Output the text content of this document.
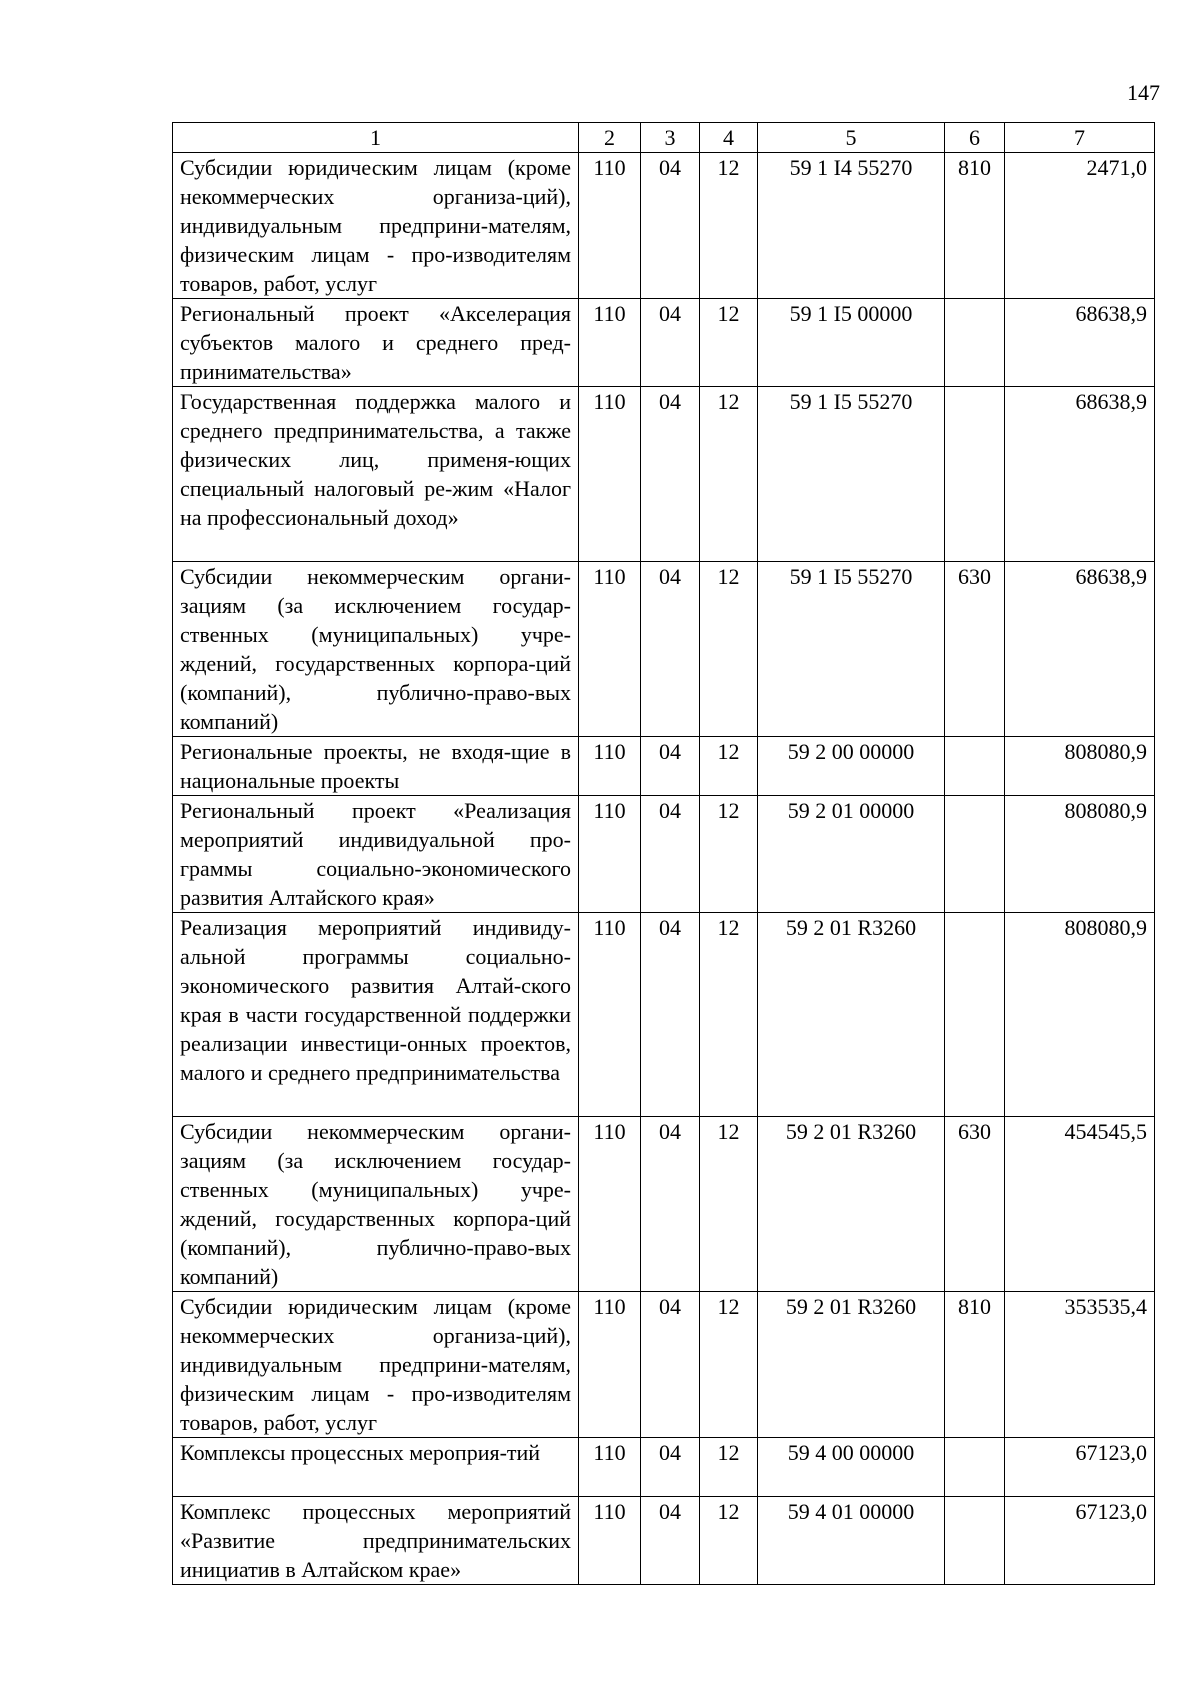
147
1	2	3	4	5	6	7
Субсидии юридическим лицам (кроме некоммерческих организа-ций), индивидуальным предприни-мателям, физическим лицам - про-изводителям товаров, работ, услуг	110	04	12	59 1 I4 55270	810	2471,0
Региональный проект «Акселерация субъектов малого и среднего пред-принимательства»	110	04	12	59 1 I5 00000		68638,9
Государственная поддержка малого и среднего предпринимательства, а также физических лиц, применя-ющих специальный налоговый ре-жим «Налог на профессиональный доход»	110	04	12	59 1 I5 55270		68638,9
Субсидии некоммерческим органи-зациям (за исключением государ-ственных (муниципальных) учре-ждений, государственных корпора-ций (компаний), публично-право-вых компаний)	110	04	12	59 1 I5 55270	630	68638,9
Региональные проекты, не входя-щие в национальные проекты	110	04	12	59 2 00 00000		808080,9
Региональный проект «Реализация мероприятий индивидуальной про-граммы социально-экономического развития Алтайского края»	110	04	12	59 2 01 00000		808080,9
Реализация мероприятий индивиду-альной программы социально-экономического развития Алтай-ского края в части государственной поддержки реализации инвестици-онных проектов, малого и среднего предпринимательства	110	04	12	59 2 01 R3260		808080,9
Субсидии некоммерческим органи-зациям (за исключением государ-ственных (муниципальных) учре-ждений, государственных корпора-ций (компаний), публично-право-вых компаний)	110	04	12	59 2 01 R3260	630	454545,5
Субсидии юридическим лицам (кроме некоммерческих организа-ций), индивидуальным предприни-мателям, физическим лицам - про-изводителям товаров, работ, услуг	110	04	12	59 2 01 R3260	810	353535,4
Комплексы процессных мероприя-тий	110	04	12	59 4 00 00000		67123,0
Комплекс процессных мероприятий «Развитие предпринимательских инициатив в Алтайском крае»	110	04	12	59 4 01 00000		67123,0
